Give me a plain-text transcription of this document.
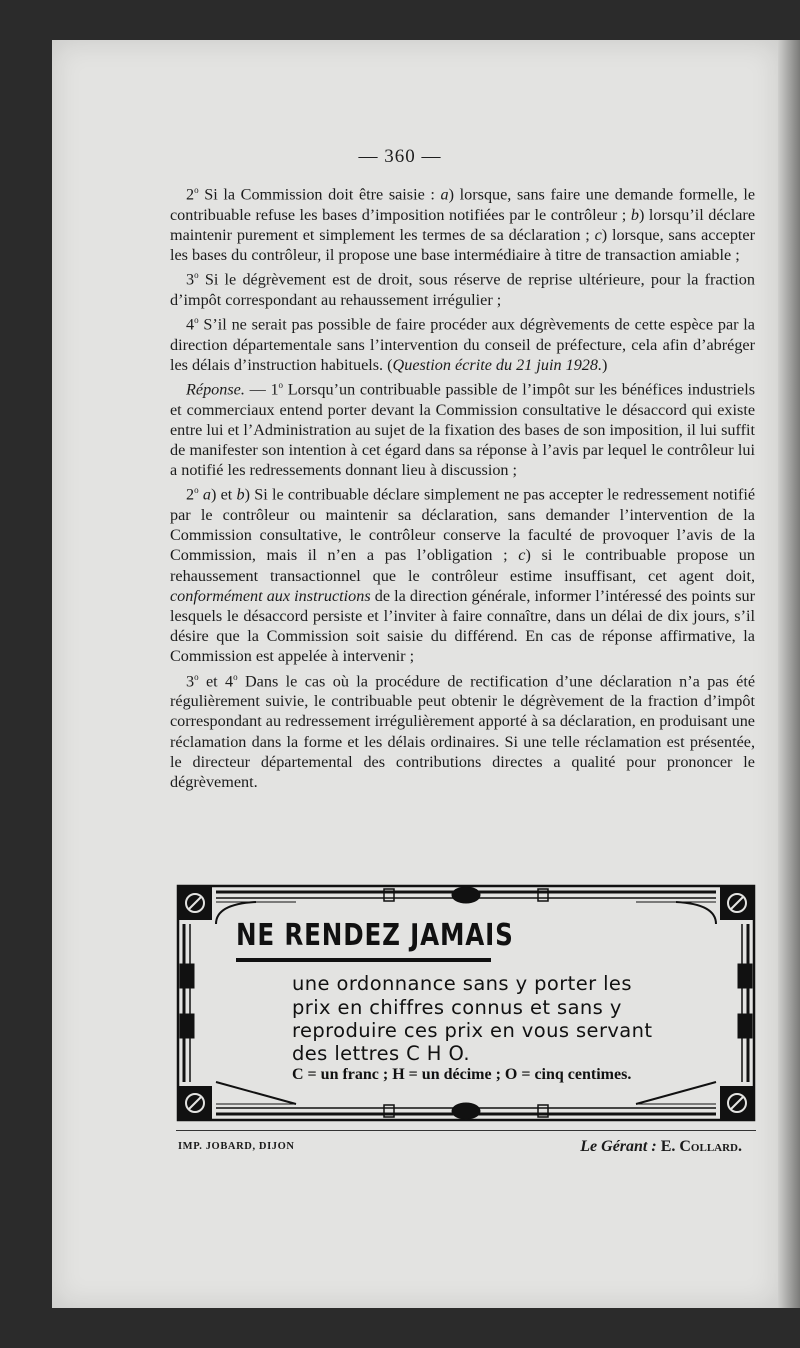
— 360 —

2$^o$ Si la Commission doit être saisie : a) lorsque, sans faire une demande formelle, le contribuable refuse les bases d’imposition notifiées par le contrôleur ; b) lorsqu’il déclare maintenir purement et simplement les termes de sa déclaration ; c) lorsque, sans accepter les bases du contrôleur, il propose une base intermédiaire à titre de transaction amiable ;

3$^o$ Si le dégrèvement est de droit, sous réserve de reprise ultérieure, pour la fraction d’impôt correspondant au rehaussement irrégulier ;

4$^o$ S’il ne serait pas possible de faire procéder aux dégrèvements de cette espèce par la direction départementale sans l’intervention du conseil de préfecture, cela afin d’abréger les délais d’instruction habituels. (Question écrite du 21 juin 1928.)

Réponse. — 1$^o$ Lorsqu’un contribuable passible de l’impôt sur les bénéfices industriels et commerciaux entend porter devant la Commission consultative le désaccord qui existe entre lui et l’Administration au sujet de la fixation des bases de son imposition, il lui suffit de manifester son intention à cet égard dans sa réponse à l’avis par lequel le contrôleur lui a notifié les redressements donnant lieu à discussion ;

2$^o$ a) et b) Si le contribuable déclare simplement ne pas accepter le redressement notifié par le contrôleur ou maintenir sa déclaration, sans demander l’intervention de la Commission consultative, le contrôleur conserve la faculté de provoquer l’avis de la Commission, mais il n’en a pas l’obligation ; c) si le contribuable propose un rehaussement transactionnel que le contrôleur estime insuffisant, cet agent doit, conformément aux instructions de la direction générale, informer l’intéressé des points sur lesquels le désaccord persiste et l’inviter à faire connaître, dans un délai de dix jours, s’il désire que la Commission soit saisie du différend. En cas de réponse affirmative, la Commission est appelée à intervenir ;

3$^o$ et 4$^o$ Dans le cas où la procédure de rectification d’une déclaration n’a pas été régulièrement suivie, le contribuable peut obtenir le dégrèvement de la fraction d’impôt correspondant au redressement irrégulièrement apporté à sa déclaration, en produisant une réclamation dans la forme et les délais ordinaires. Si une telle réclamation est présentée, le directeur départemental des contributions directes a qualité pour prononcer le dégrèvement.

NE RENDEZ JAMAIS
une ordonnance sans y porter les
prix en chiffres connus et sans y
reproduire ces prix en vous servant
des lettres C H O.
C = un franc ; H = un décime ; O = cinq centimes.
IMP. JOBARD, DIJON	Le Gérant : E. Collard.
